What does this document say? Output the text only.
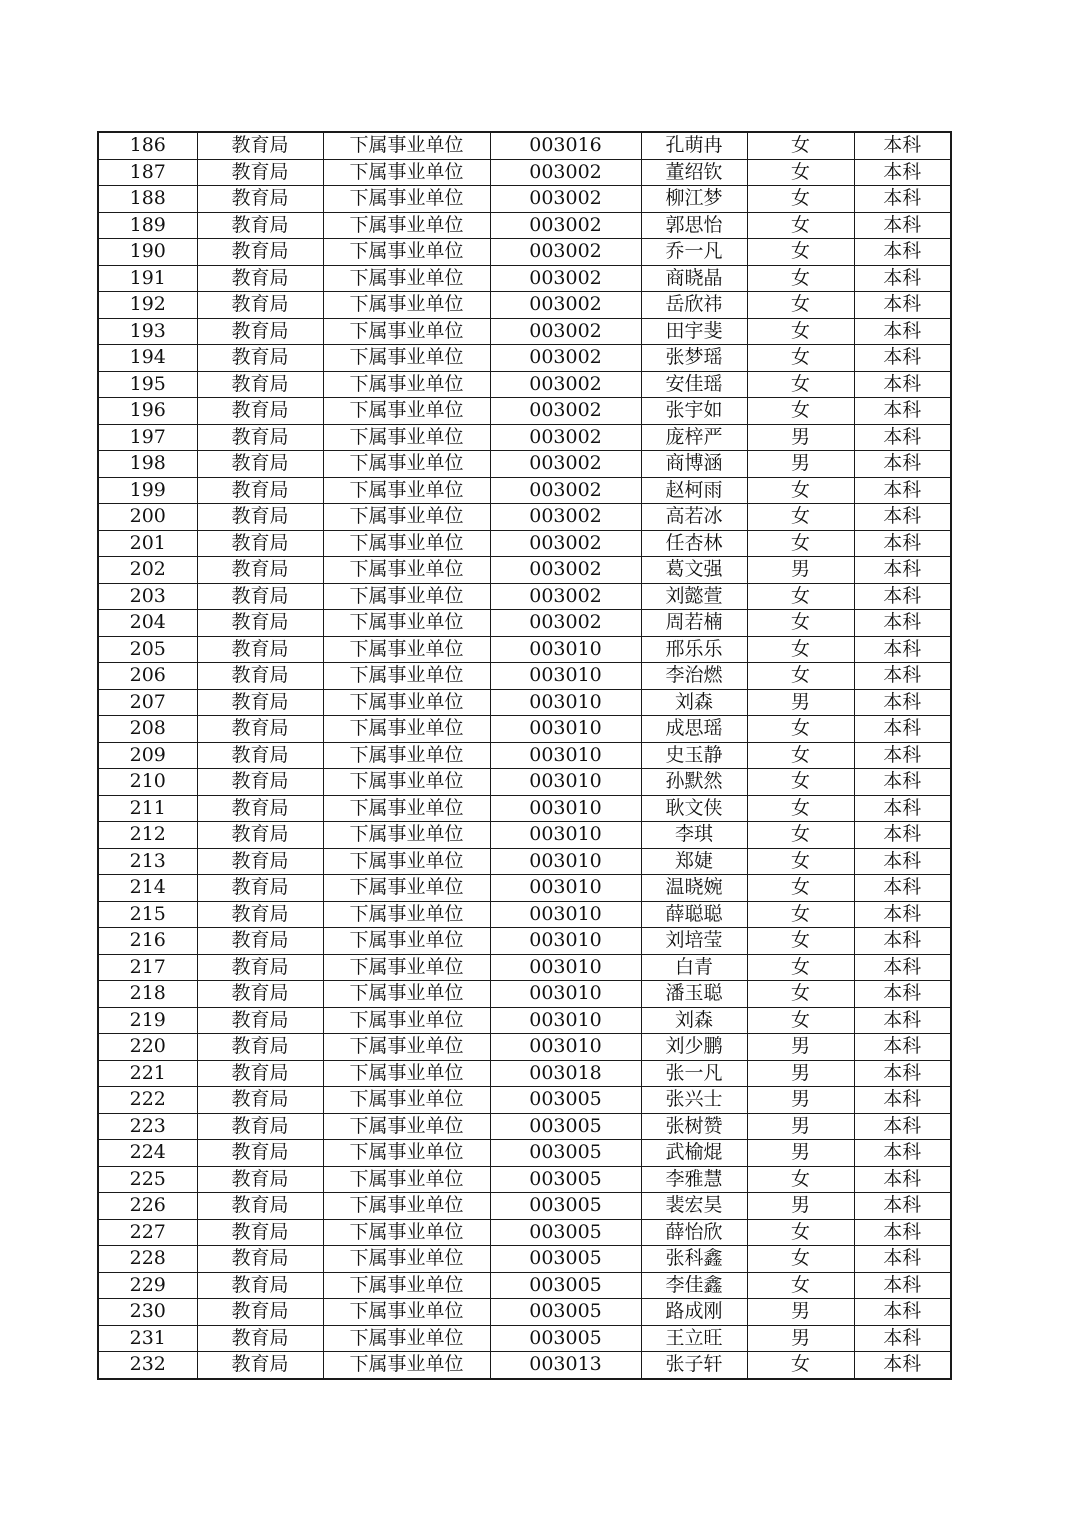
186	教育局	下属事业单位	003016	孔萌冉	女	本科
187	教育局	下属事业单位	003002	董绍钦	女	本科
188	教育局	下属事业单位	003002	柳江梦	女	本科
189	教育局	下属事业单位	003002	郭思怡	女	本科
190	教育局	下属事业单位	003002	乔一凡	女	本科
191	教育局	下属事业单位	003002	商晓晶	女	本科
192	教育局	下属事业单位	003002	岳欣祎	女	本科
193	教育局	下属事业单位	003002	田宇斐	女	本科
194	教育局	下属事业单位	003002	张梦瑶	女	本科
195	教育局	下属事业单位	003002	安佳瑶	女	本科
196	教育局	下属事业单位	003002	张宇如	女	本科
197	教育局	下属事业单位	003002	庞梓严	男	本科
198	教育局	下属事业单位	003002	商博涵	男	本科
199	教育局	下属事业单位	003002	赵柯雨	女	本科
200	教育局	下属事业单位	003002	高若冰	女	本科
201	教育局	下属事业单位	003002	任杏林	女	本科
202	教育局	下属事业单位	003002	葛文强	男	本科
203	教育局	下属事业单位	003002	刘懿萱	女	本科
204	教育局	下属事业单位	003002	周若楠	女	本科
205	教育局	下属事业单位	003010	邢乐乐	女	本科
206	教育局	下属事业单位	003010	李治燃	女	本科
207	教育局	下属事业单位	003010	刘森	男	本科
208	教育局	下属事业单位	003010	成思瑶	女	本科
209	教育局	下属事业单位	003010	史玉静	女	本科
210	教育局	下属事业单位	003010	孙默然	女	本科
211	教育局	下属事业单位	003010	耿文侠	女	本科
212	教育局	下属事业单位	003010	李琪	女	本科
213	教育局	下属事业单位	003010	郑婕	女	本科
214	教育局	下属事业单位	003010	温晓婉	女	本科
215	教育局	下属事业单位	003010	薛聪聪	女	本科
216	教育局	下属事业单位	003010	刘培莹	女	本科
217	教育局	下属事业单位	003010	白青	女	本科
218	教育局	下属事业单位	003010	潘玉聪	女	本科
219	教育局	下属事业单位	003010	刘森	女	本科
220	教育局	下属事业单位	003010	刘少鹏	男	本科
221	教育局	下属事业单位	003018	张一凡	男	本科
222	教育局	下属事业单位	003005	张兴士	男	本科
223	教育局	下属事业单位	003005	张树赞	男	本科
224	教育局	下属事业单位	003005	武榆焜	男	本科
225	教育局	下属事业单位	003005	李雅慧	女	本科
226	教育局	下属事业单位	003005	裴宏昊	男	本科
227	教育局	下属事业单位	003005	薛怡欣	女	本科
228	教育局	下属事业单位	003005	张科鑫	女	本科
229	教育局	下属事业单位	003005	李佳鑫	女	本科
230	教育局	下属事业单位	003005	路成刚	男	本科
231	教育局	下属事业单位	003005	王立旺	男	本科
232	教育局	下属事业单位	003013	张子轩	女	本科
